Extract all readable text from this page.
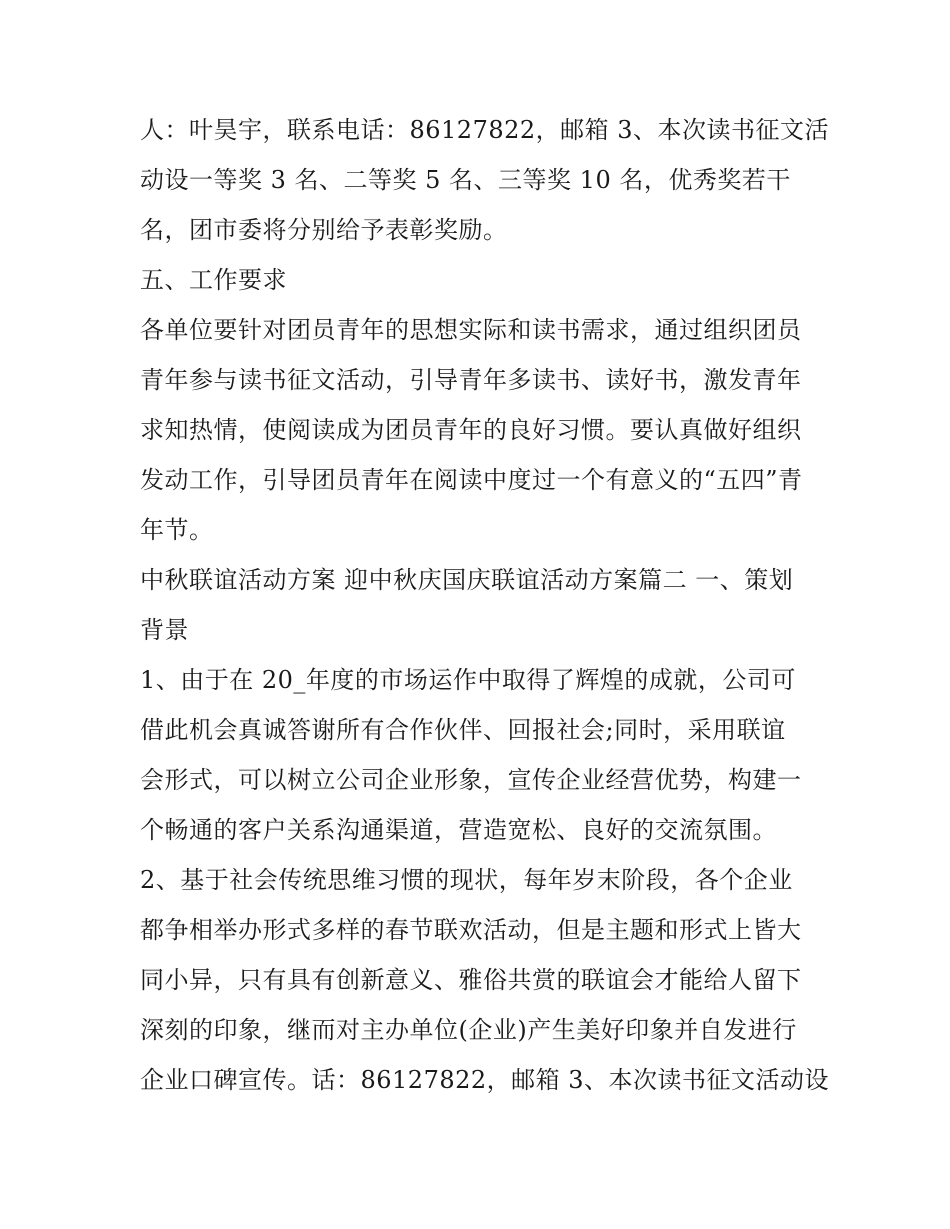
人：叶昊宇，联系电话：86127822，邮箱 3、本次读书征文活
动设一等奖 3 名、二等奖 5 名、三等奖 10 名，优秀奖若干
名，团市委将分别给予表彰奖励。
五、工作要求
各单位要针对团员青年的思想实际和读书需求，通过组织团员
青年参与读书征文活动，引导青年多读书、读好书，激发青年
求知热情，使阅读成为团员青年的良好习惯。要认真做好组织
发动工作，引导团员青年在阅读中度过一个有意义的“五四”青
年节。
中秋联谊活动方案 迎中秋庆国庆联谊活动方案篇二 一、策划
背景
1、由于在 20_年度的市场运作中取得了辉煌的成就，公司可
借此机会真诚答谢所有合作伙伴、回报社会;同时，采用联谊
会形式，可以树立公司企业形象，宣传企业经营优势，构建一
个畅通的客户关系沟通渠道，营造宽松、良好的交流氛围。
2、基于社会传统思维习惯的现状，每年岁末阶段，各个企业
都争相举办形式多样的春节联欢活动，但是主题和形式上皆大
同小异，只有具有创新意义、雅俗共赏的联谊会才能给人留下
深刻的印象，继而对主办单位(企业)产生美好印象并自发进行
企业口碑宣传。话：86127822，邮箱 3、本次读书征文活动设
